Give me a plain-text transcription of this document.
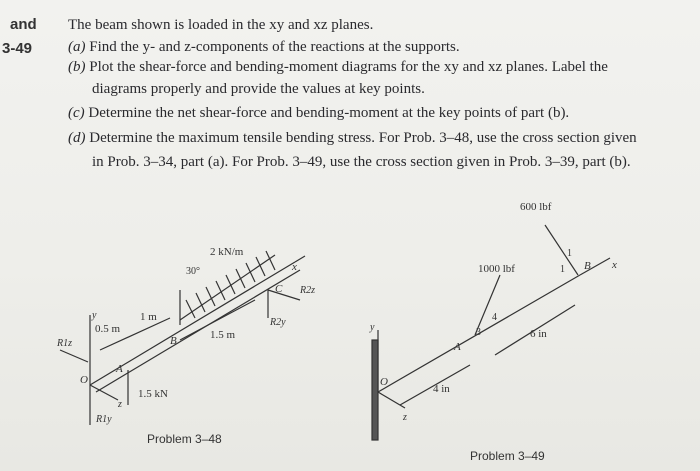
and
3-49
The beam shown is loaded in the xy and xz planes.
(a) Find the y- and z-components of the reactions at the supports.
(b) Plot the shear-force and bending-moment diagrams for the xy and xz planes. Label the
diagrams properly and provide the values at key points.
(c) Determine the net shear-force and bending-moment at the key points of part (b).
(d) Determine the maximum tensile bending stress. For Prob. 3–48, use the cross section given
in Prob. 3–34, part (a). For Prob. 3–49, use the cross section given in Prob. 3–39, part (b).
Problem 3–48
2 kN/m
30°
1 m
0.5 m	1.5 m
1.5 kN
R1z
R1y
R2y
R2z
x
y
z
O
A
B
C
Problem 3–49
600 lbf
1000 lbf
4 in
6 in
4
3
1
1	x
y
z
O
A
B
